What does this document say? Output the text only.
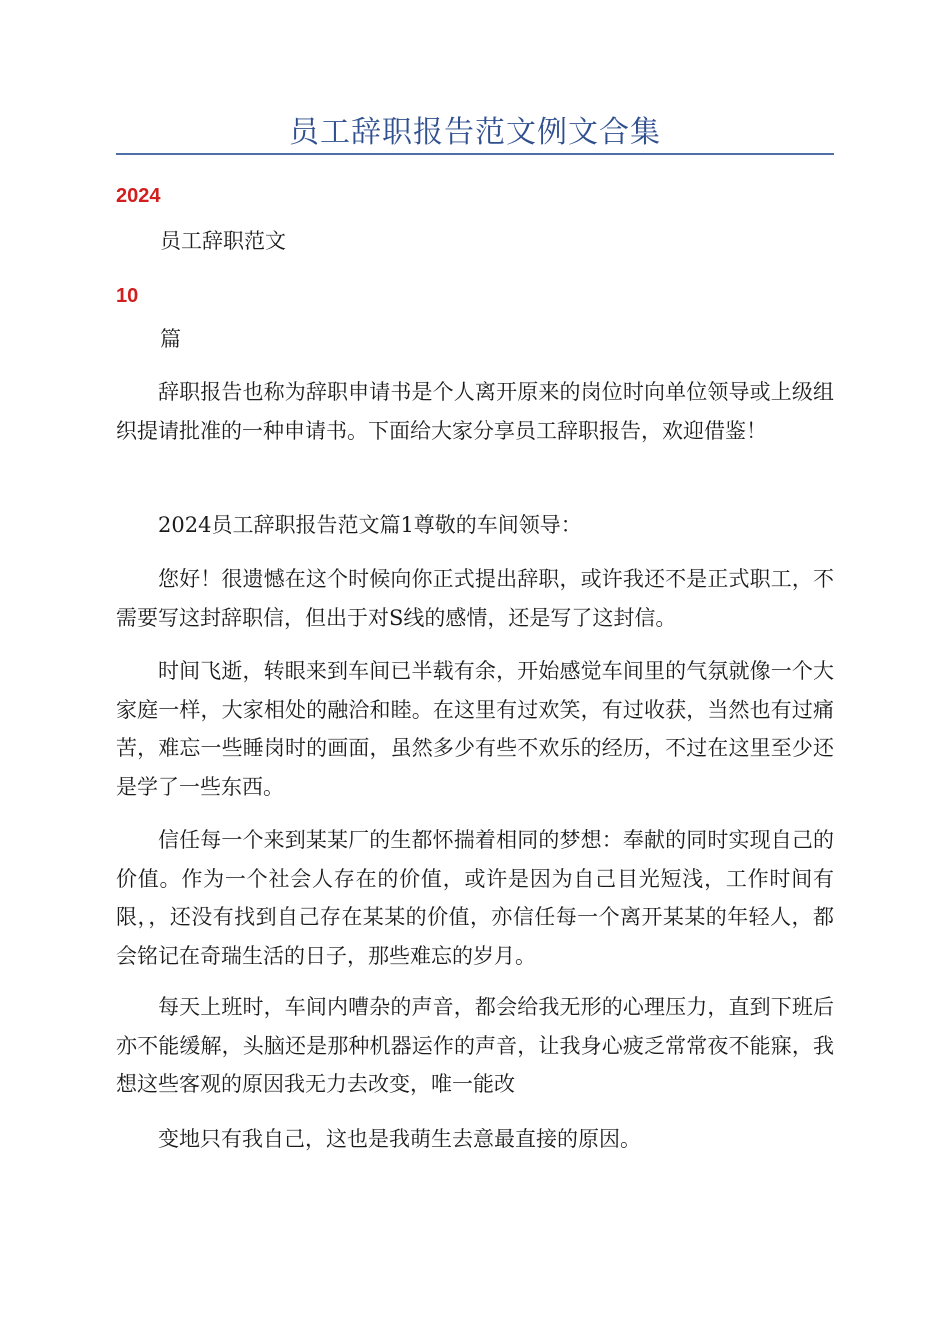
员工辞职报告范文例文合集
2024
员工辞职范文
10
篇

辞职报告也称为辞职申请书是个人离开原来的岗位时向单位领导或上级组织提请批准的一种申请书。下面给大家分享员工辞职报告，欢迎借鉴！

2024员工辞职报告范文篇1尊敬的车间领导：

您好！很遗憾在这个时候向你正式提出辞职，或许我还不是正式职工，不需要写这封辞职信，但出于对S线的感情，还是写了这封信。

时间飞逝，转眼来到车间已半载有余，开始感觉车间里的气氛就像一个大家庭一样，大家相处的融洽和睦。在这里有过欢笑，有过收获，当然也有过痛苦，难忘一些睡岗时的画面，虽然多少有些不欢乐的经历，不过在这里至少还是学了一些东西。

信任每一个来到某某厂的生都怀揣着相同的梦想：奉献的同时实现自己的价值。作为一个社会人存在的价值，或许是因为自己目光短浅，工作时间有限，，还没有找到自己存在某某的价值，亦信任每一个离开某某的年轻人，都会铭记在奇瑞生活的日子，那些难忘的岁月。

每天上班时，车间内嘈杂的声音，都会给我无形的心理压力，直到下班后亦不能缓解，头脑还是那种机器运作的声音，让我身心疲乏常常夜不能寐，我想这些客观的原因我无力去改变，唯一能改

变地只有我自己，这也是我萌生去意最直接的原因。
